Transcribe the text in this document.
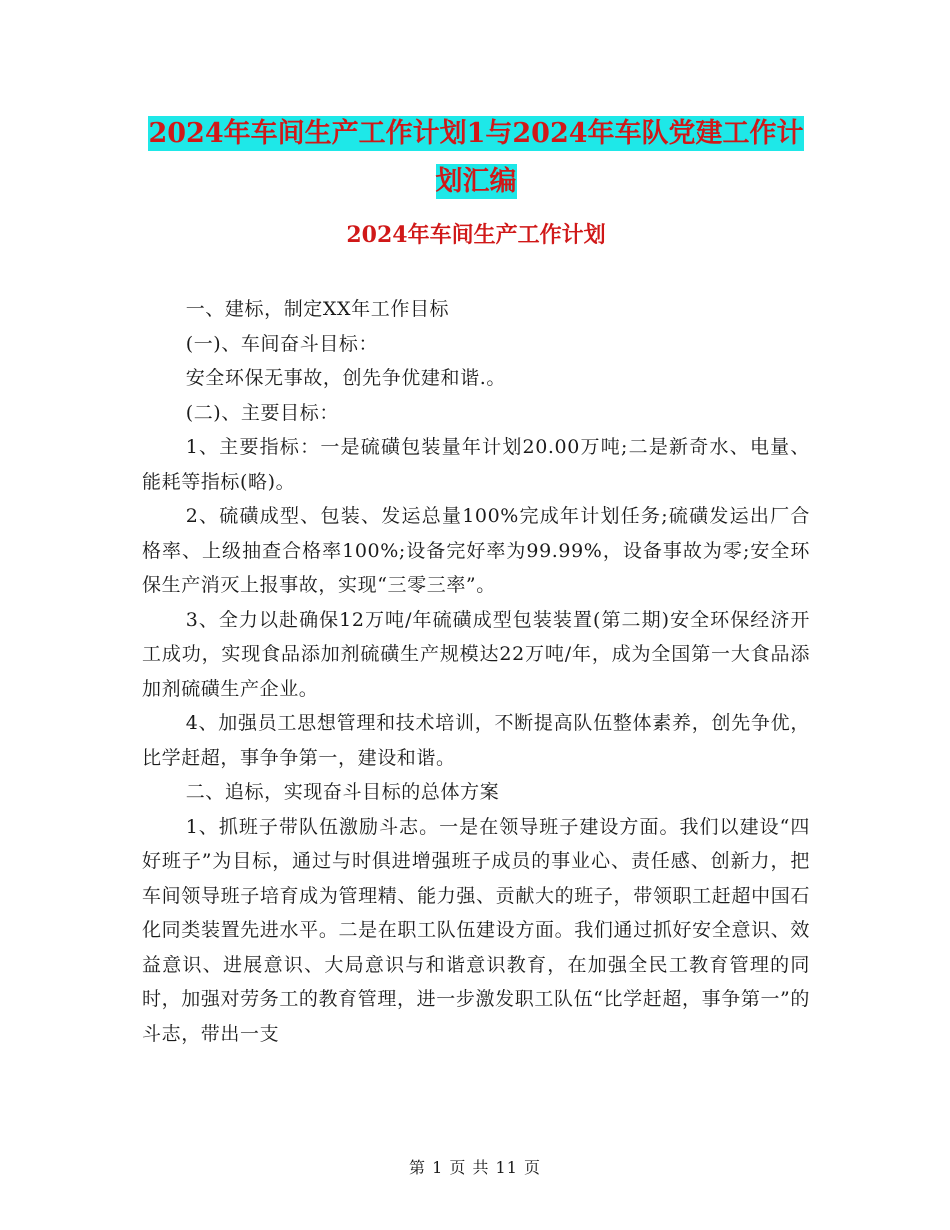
2024年车间生产工作计划1与2024年车队党建工作计
划汇编
2024年车间生产工作计划

一、建标，制定XX年工作目标

(一)、车间奋斗目标：

安全环保无事故，创先争优建和谐.。

(二)、主要目标：

1、主要指标：一是硫磺包装量年计划20.00万吨;二是新奇水、电量、能耗等指标(略)。

2、硫磺成型、包装、发运总量100%完成年计划任务;硫磺发运出厂合格率、上级抽查合格率100%;设备完好率为99.99%，设备事故为零;安全环保生产消灭上报事故，实现“三零三率”。

3、全力以赴确保12万吨/年硫磺成型包装装置(第二期)安全环保经济开工成功，实现食品添加剂硫磺生产规模达22万吨/年，成为全国第一大食品添加剂硫磺生产企业。

4、加强员工思想管理和技术培训，不断提高队伍整体素养，创先争优，比学赶超，事争争第一，建设和谐。

二、追标，实现奋斗目标的总体方案

1、抓班子带队伍激励斗志。一是在领导班子建设方面。我们以建设“四好班子”为目标，通过与时俱进增强班子成员的事业心、责任感、创新力，把车间领导班子培育成为管理精、能力强、贡献大的班子，带领职工赶超中国石化同类装置先进水平。二是在职工队伍建设方面。我们通过抓好安全意识、效益意识、进展意识、大局意识与和谐意识教育，在加强全民工教育管理的同时，加强对劳务工的教育管理，进一步激发职工队伍“比学赶超，事争第一”的斗志，带出一支

第 1 页 共 11 页
